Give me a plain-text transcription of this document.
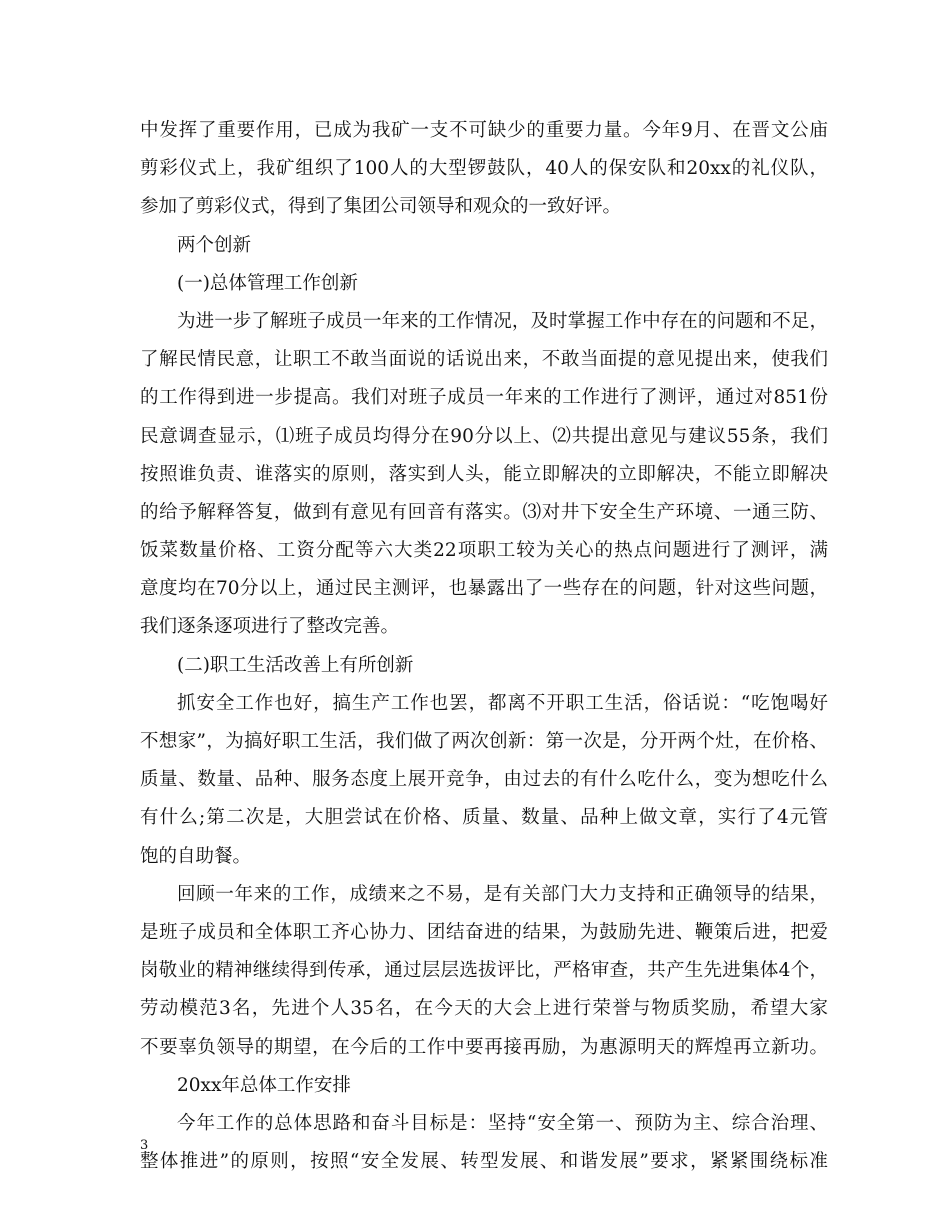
中发挥了重要作用，已成为我矿一支不可缺少的重要力量。今年9月、在晋文公庙
剪彩仪式上，我矿组织了100人的大型锣鼓队，40人的保安队和20xx的礼仪队，
参加了剪彩仪式，得到了集团公司领导和观众的一致好评。
两个创新
(一)总体管理工作创新
为进一步了解班子成员一年来的工作情况，及时掌握工作中存在的问题和不足，
了解民情民意，让职工不敢当面说的话说出来，不敢当面提的意见提出来，使我们
的工作得到进一步提高。我们对班子成员一年来的工作进行了测评，通过对851份
民意调查显示，⑴班子成员均得分在90分以上、⑵共提出意见与建议55条，我们
按照谁负责、谁落实的原则，落实到人头，能立即解决的立即解决，不能立即解决
的给予解释答复，做到有意见有回音有落实。⑶对井下安全生产环境、一通三防、
饭菜数量价格、工资分配等六大类22项职工较为关心的热点问题进行了测评，满
意度均在70分以上，通过民主测评，也暴露出了一些存在的问题，针对这些问题，
我们逐条逐项进行了整改完善。
(二)职工生活改善上有所创新
抓安全工作也好，搞生产工作也罢，都离不开职工生活，俗话说：“吃饱喝好
不想家”，为搞好职工生活，我们做了两次创新：第一次是，分开两个灶，在价格、
质量、数量、品种、服务态度上展开竞争，由过去的有什么吃什么，变为想吃什么
有什么;第二次是，大胆尝试在价格、质量、数量、品种上做文章，实行了4元管
饱的自助餐。
回顾一年来的工作，成绩来之不易，是有关部门大力支持和正确领导的结果，
是班子成员和全体职工齐心协力、团结奋进的结果，为鼓励先进、鞭策后进，把爱
岗敬业的精神继续得到传承，通过层层选拔评比，严格审查，共产生先进集体4个，
劳动模范3名，先进个人35名，在今天的大会上进行荣誉与物质奖励，希望大家
不要辜负领导的期望，在今后的工作中要再接再励，为惠源明天的辉煌再立新功。
20xx年总体工作安排
今年工作的总体思路和奋斗目标是：坚持“安全第一、预防为主、综合治理、
整体推进”的原则，按照“安全发展、转型发展、和谐发展”要求，紧紧围绕标准
3
